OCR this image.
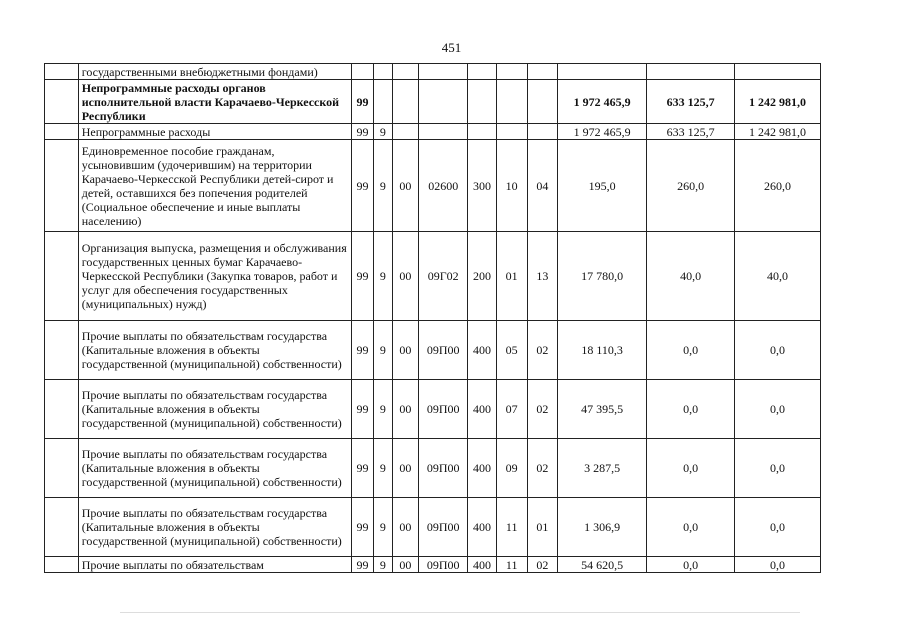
451
	государственными внебюджетными фондами)										
	Непрограммные расходы органов исполнительной власти Карачаево-Черкесской Республики	99							1 972 465,9	633 125,7	1 242 981,0
	Непрограммные расходы	99	9						1 972 465,9	633 125,7	1 242 981,0
	Единовременное пособие гражданам, усыновившим (удочерившим) на территории Карачаево-Черкесской Республики детей-сирот и детей, оставшихся без попечения родителей (Социальное обеспечение и иные выплаты населению)	99	9	00	02600	300	10	04	195,0	260,0	260,0
	Организация выпуска, размещения и обслуживания государственных ценных бумаг Карачаево-Черкесской Республики (Закупка товаров, работ и услуг для обеспечения государственных (муниципальных) нужд)	99	9	00	09Г02	200	01	13	17 780,0	40,0	40,0
	Прочие выплаты по обязательствам государства (Капитальные вложения в объекты государственной (муниципальной) собственности)	99	9	00	09П00	400	05	02	18 110,3	0,0	0,0
	Прочие выплаты по обязательствам государства (Капитальные вложения в объекты государственной (муниципальной) собственности)	99	9	00	09П00	400	07	02	47 395,5	0,0	0,0
	Прочие выплаты по обязательствам государства (Капитальные вложения в объекты государственной (муниципальной) собственности)	99	9	00	09П00	400	09	02	3 287,5	0,0	0,0
	Прочие выплаты по обязательствам государства (Капитальные вложения в объекты государственной (муниципальной) собственности)	99	9	00	09П00	400	11	01	1 306,9	0,0	0,0
	Прочие выплаты по обязательствам	99	9	00	09П00	400	11	02	54 620,5	0,0	0,0
